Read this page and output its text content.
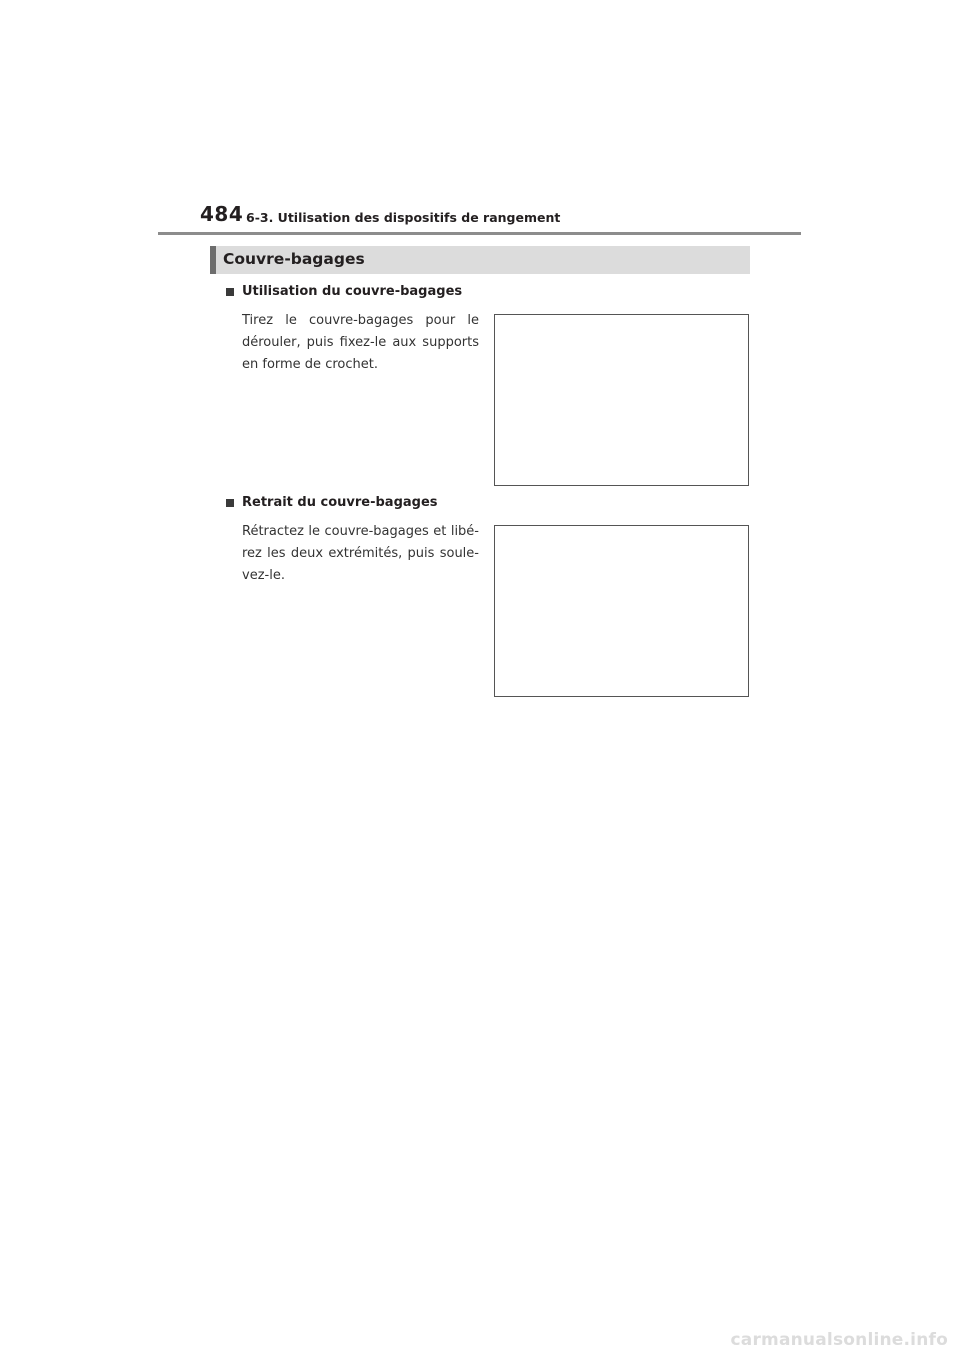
484 6-3. Utilisation des dispositifs de rangement
Couvre-bagages
Utilisation du couvre-bagages
Tirez le couvre-bagages pour le dérouler, puis fixez-le aux supports en forme de crochet.
Retrait du couvre-bagages
Rétractez le couvre-bagages et libé-rez les deux extrémités, puis soule-vez-le.
carmanualsonline.info
